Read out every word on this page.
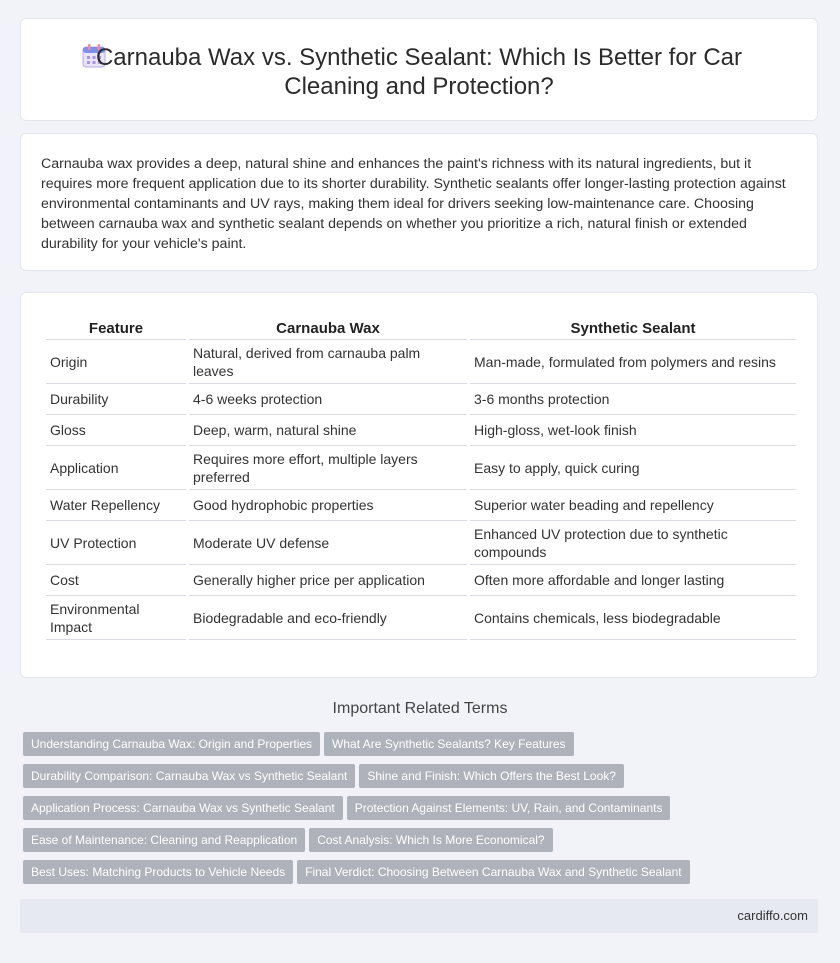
Carnauba Wax vs. Synthetic Sealant: Which Is Better for Car
Cleaning and Protection?

Carnauba wax provides a deep, natural shine and enhances the paint's richness with its natural ingredients, but it requires more frequent application due to its shorter durability. Synthetic sealants offer longer-lasting protection against environmental contaminants and UV rays, making them ideal for drivers seeking low-maintenance care. Choosing between carnauba wax and synthetic sealant depends on whether you prioritize a rich, natural finish or extended durability for your vehicle's paint.

Feature	Carnauba Wax	Synthetic Sealant
Origin	Natural, derived from carnauba palm leaves	Man-made, formulated from polymers and resins
Durability	4-6 weeks protection	3-6 months protection
Gloss	Deep, warm, natural shine	High-gloss, wet-look finish
Application	Requires more effort, multiple layers preferred	Easy to apply, quick curing
Water Repellency	Good hydrophobic properties	Superior water beading and repellency
UV Protection	Moderate UV defense	Enhanced UV protection due to synthetic compounds
Cost	Generally higher price per application	Often more affordable and longer lasting
Environmental Impact	Biodegradable and eco-friendly	Contains chemicals, less biodegradable
Important Related Terms
Understanding Carnauba Wax: Origin and Properties What Are Synthetic Sealants? Key Features
Durability Comparison: Carnauba Wax vs Synthetic Sealant Shine and Finish: Which Offers the Best Look?
Application Process: Carnauba Wax vs Synthetic Sealant Protection Against Elements: UV, Rain, and Contaminants
Ease of Maintenance: Cleaning and Reapplication Cost Analysis: Which Is More Economical?
Best Uses: Matching Products to Vehicle Needs Final Verdict: Choosing Between Carnauba Wax and Synthetic Sealant
cardiffo.com
